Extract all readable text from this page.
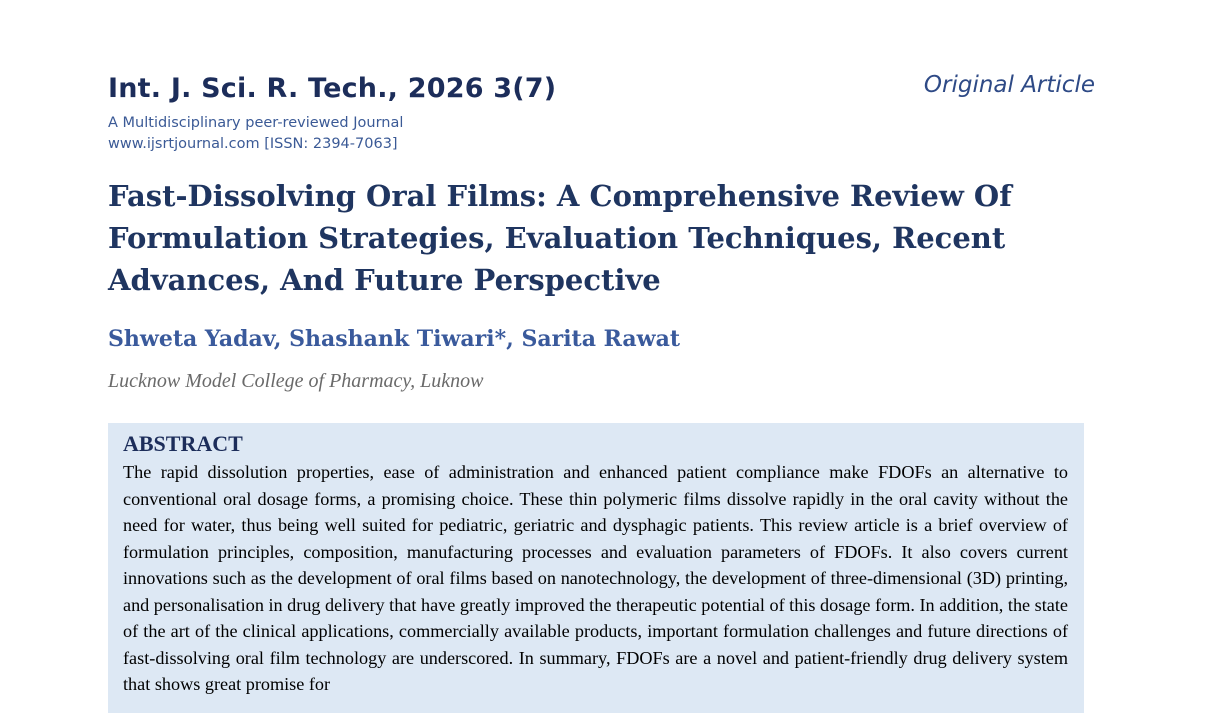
Int. J. Sci. R. Tech., 2026 3(7)
A Multidisciplinary peer-reviewed Journal
www.ijsrtjournal.com [ISSN: 2394-7063]
Original Article
Fast-Dissolving Oral Films: A Comprehensive Review Of Formulation Strategies, Evaluation Techniques, Recent Advances, And Future Perspective
Shweta Yadav, Shashank Tiwari*, Sarita Rawat
Lucknow Model College of Pharmacy, Luknow
ABSTRACT

The rapid dissolution properties, ease of administration and enhanced patient compliance make FDOFs an alternative to conventional oral dosage forms, a promising choice. These thin polymeric films dissolve rapidly in the oral cavity without the need for water, thus being well suited for pediatric, geriatric and dysphagic patients. This review article is a brief overview of formulation principles, composition, manufacturing processes and evaluation parameters of FDOFs. It also covers current innovations such as the development of oral films based on nanotechnology, the development of three-dimensional (3D) printing, and personalisation in drug delivery that have greatly improved the therapeutic potential of this dosage form. In addition, the state of the art of the clinical applications, commercially available products, important formulation challenges and future directions of fast-dissolving oral film technology are underscored. In summary, FDOFs are a novel and patient-friendly drug delivery system that shows great promise for
